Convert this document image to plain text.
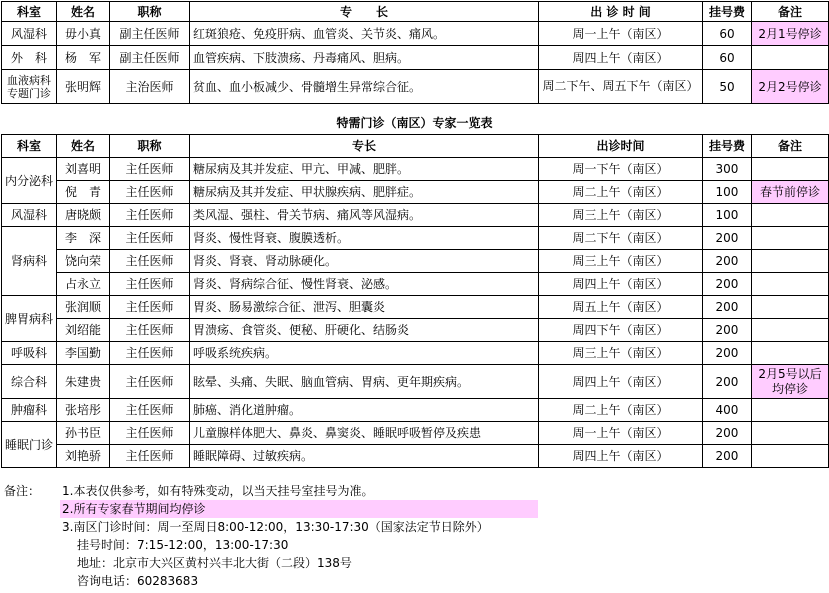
科室	姓名	职称	专　　长	出 诊 时 间	挂号费	备注
风湿科	毋小真	副主任医师	红斑狼疮、免疫肝病、血管炎、关节炎、痛风。	周一上午（南区）	60	2月1号停诊
外　科	杨　军	副主任医师	血管疾病、下肢溃疡、丹毒痛风、胆病。	周四上午（南区）	60	
血液病科专题门诊	张明辉	主治医师	贫血、血小板减少、骨髓增生异常综合征。	周二下午、周五下午（南区）	50	2月2号停诊
特需门诊（南区）专家一览表
科室	姓名	职称	专长	出诊时间	挂号费	备注
内分泌科	刘喜明	主任医师	糖尿病及其并发症、甲亢、甲减、肥胖。	周一下午（南区）	300	
	倪　青	主任医师	糖尿病及其并发症、甲状腺疾病、肥胖症。	周二上午（南区）	100	春节前停诊
风湿科	唐晓颇	主任医师	类风湿、强柱、骨关节病、痛风等风湿病。	周三上午（南区）	100	
肾病科	李　深	主任医师	肾炎、慢性肾衰、腹膜透析。	周二下午（南区）	200	
	饶向荣	主任医师	肾炎、肾衰、肾动脉硬化。	周三上午（南区）	200	
	占永立	主任医师	肾炎、肾病综合征、慢性肾衰、泌感。	周四上午（南区）	200	
脾胃病科	张润顺	主任医师	胃炎、肠易激综合征、泄泻、胆囊炎	周五上午（南区）	200	
	刘绍能	主任医师	胃溃疡、食管炎、便秘、肝硬化、结肠炎	周四下午（南区）	200	
呼吸科	李国勤	主任医师	呼吸系统疾病。	周三上午（南区）	200	
综合科	朱建贵	主任医师	眩晕、头痛、失眠、脑血管病、胃病、更年期疾病。	周四上午（南区）	200	2月5号以后均停诊
肿瘤科	张培彤	主任医师	肺癌、消化道肿瘤。	周二上午（南区）	400	
睡眠门诊	孙书臣	主任医师	儿童腺样体肥大、鼻炎、鼻窦炎、睡眠呼吸暂停及疾患	周一上午（南区）	200	
	刘艳骄	主任医师	睡眠障碍、过敏疾病。	周四上午（南区）	200	
备注： 1.本表仅供参考，如有特殊变动，以当天挂号室挂号为准。
2.所有专家春节期间均停诊
3.南区门诊时间：周一至周日8:00-12:00，13:30-17:30（国家法定节日除外）
挂号时间：7:15-12:00，13:00-17:30
地址：北京市大兴区黄村兴丰北大街（二段）138号
咨询电话：60283683
